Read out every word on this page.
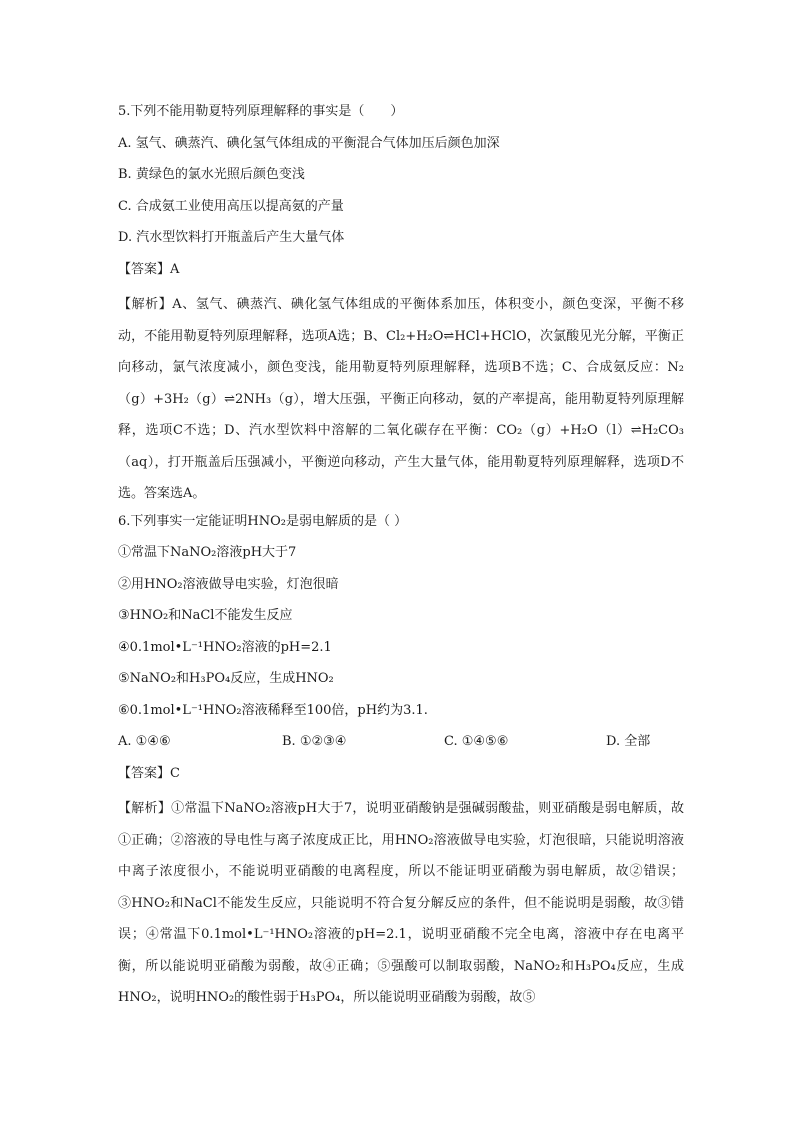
5.下列不能用勒夏特列原理解释的事实是（　　）
A. 氢气、碘蒸汽、碘化氢气体组成的平衡混合气体加压后颜色加深
B. 黄绿色的氯水光照后颜色变浅
C. 合成氨工业使用高压以提高氨的产量
D. 汽水型饮料打开瓶盖后产生大量气体
【答案】A
【解析】A、氢气、碘蒸汽、碘化氢气体组成的平衡体系加压，体积变小，颜色变深，平衡不移动，不能用勒夏特列原理解释，选项A选；B、Cl₂+H₂O⇌HCl+HClO，次氯酸见光分解，平衡正向移动，氯气浓度减小，颜色变浅，能用勒夏特列原理解释，选项B不选；C、合成氨反应：N₂（g）+3H₂（g）⇌2NH₃（g），增大压强，平衡正向移动，氨的产率提高，能用勒夏特列原理解释，选项C不选；D、汽水型饮料中溶解的二氧化碳存在平衡：CO₂（g）+H₂O（l）⇌H₂CO₃（aq），打开瓶盖后压强减小，平衡逆向移动，产生大量气体，能用勒夏特列原理解释，选项D不选。答案选A。
6.下列事实一定能证明HNO₂是弱电解质的是（ ）
①常温下NaNO₂溶液pH大于7
②用HNO₂溶液做导电实验，灯泡很暗
③HNO₂和NaCl不能发生反应
④0.1mol•L⁻¹HNO₂溶液的pH=2.1
⑤NaNO₂和H₃PO₄反应，生成HNO₂
⑥0.1mol•L⁻¹HNO₂溶液稀释至100倍，pH约为3.1.
A. ①④⑥	B. ①②③④	C. ①④⑤⑥	D. 全部
【答案】C
【解析】①常温下NaNO₂溶液pH大于7，说明亚硝酸钠是强碱弱酸盐，则亚硝酸是弱电解质，故①正确；②溶液的导电性与离子浓度成正比，用HNO₂溶液做导电实验，灯泡很暗，只能说明溶液中离子浓度很小，不能说明亚硝酸的电离程度，所以不能证明亚硝酸为弱电解质，故②错误；③HNO₂和NaCl不能发生反应，只能说明不符合复分解反应的条件，但不能说明是弱酸，故③错误；④常温下0.1mol•L⁻¹HNO₂溶液的pH=2.1，说明亚硝酸不完全电离，溶液中存在电离平衡，所以能说明亚硝酸为弱酸，故④正确；⑤强酸可以制取弱酸，NaNO₂和H₃PO₄反应，生成HNO₂，说明HNO₂的酸性弱于H₃PO₄，所以能说明亚硝酸为弱酸，故⑤
